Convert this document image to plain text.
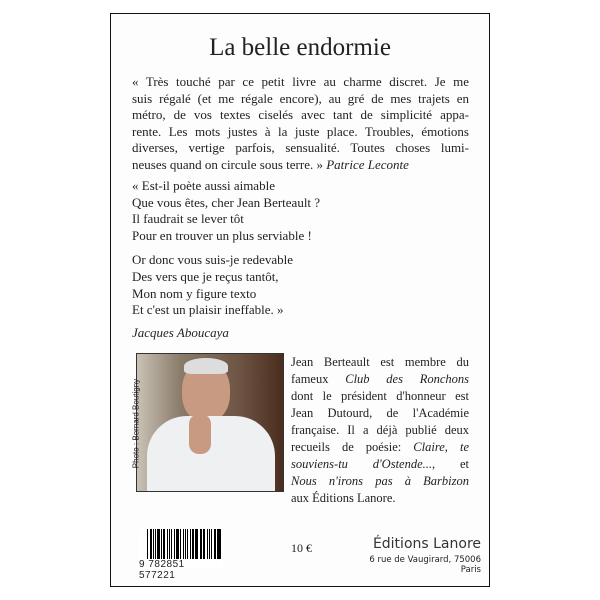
La belle endormie
« Très touché par ce petit livre au charme discret. Je me
suis régalé (et me régale encore), au gré de mes trajets en
métro, de vos textes ciselés avec tant de simplicité appa-
rente. Les mots justes à la juste place. Troubles, émotions
diverses, vertige parfois, sensualité. Toutes choses lumi-
neuses quand on circule sous terre. » Patrice Leconte
« Est-il poète aussi aimable
Que vous êtes, cher Jean Berteault ?
Il faudrait se lever tôt
Pour en trouver un plus serviable !
Or donc vous suis-je redevable
Des vers que je reçus tantôt,
Mon nom y figure texto
Et c'est un plaisir ineffable. »
Jacques Aboucaya
Photo : Bernard Boutigny
Jean Berteault est membre du
fameux Club des Ronchons
dont le président d'honneur est
Jean Dutourd, de l'Académie
française. Il a déjà publié deux
recueils de poésie: Claire, te
souviens-tu d'Ostende..., et
Nous n'irons pas à Barbizon
aux Éditions Lanore.
9 782851 577221
10 €	Éditions Lanore
6 rue de Vaugirard, 75006 Paris
